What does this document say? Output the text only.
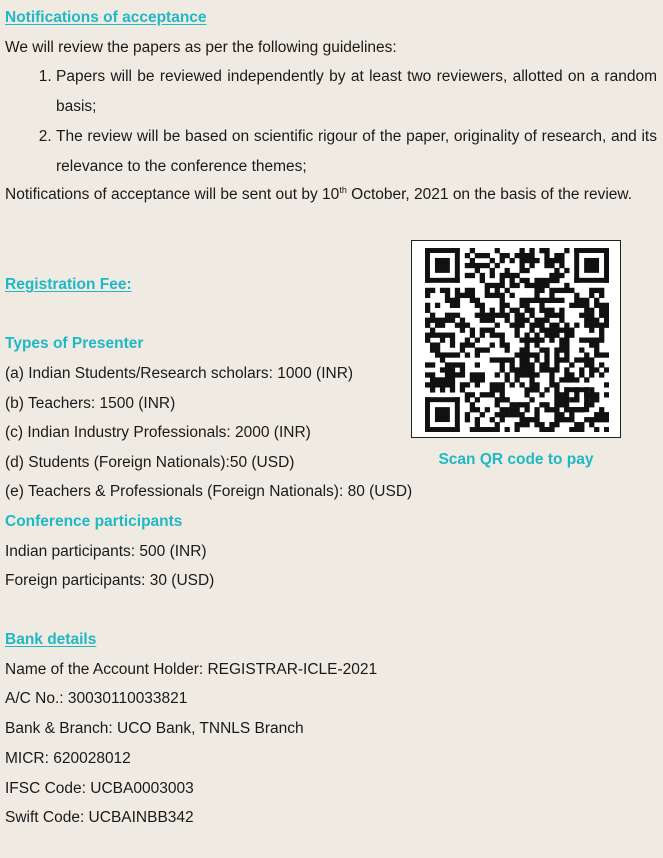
Notifications of acceptance
We will review the papers as per the following guidelines:
1. Papers will be reviewed independently by at least two reviewers, allotted on a random basis;
2. The review will be based on scientific rigour of the paper, originality of research, and its relevance to the conference themes;

Notifications of acceptance will be sent out by 10th October, 2021 on the basis of the review.

Registration Fee:
Types of Presenter
(a) Indian Students/Research scholars: 1000 (INR)
(b) Teachers: 1500 (INR)
(c) Indian Industry Professionals: 2000 (INR)
(d) Students (Foreign Nationals):50 (USD)
(e) Teachers & Professionals (Foreign Nationals): 80 (USD)
Conference participants
Indian participants: 500 (INR)
Foreign participants: 30 (USD)
Scan QR code to pay
Bank details
Name of the Account Holder: REGISTRAR-ICLE-2021
A/C No.: 30030110033821
Bank & Branch: UCO Bank, TNNLS Branch
MICR: 620028012
IFSC Code: UCBA0003003
Swift Code: UCBAINBB342
